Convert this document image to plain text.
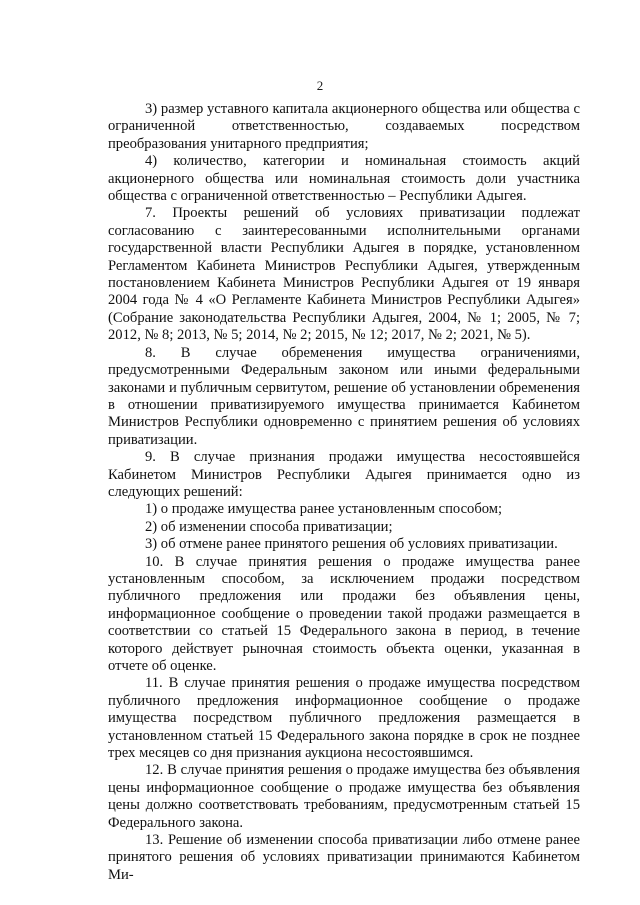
2

3) размер уставного капитала акционерного общества или общества с ограниченной ответственностью, создаваемых посредством преобразования унитарного предприятия;

4) количество, категории и номинальная стоимость акций акционерного общества или номинальная стоимость доли участника общества с ограниченной ответственностью – Республики Адыгея.

7. Проекты решений об условиях приватизации подлежат согласованию с заинтересованными исполнительными органами государственной власти Республики Адыгея в порядке, установленном Регламентом Кабинета Министров Республики Адыгея, утвержденным постановлением Кабинета Министров Республики Адыгея от 19 января 2004 года № 4 «О Регламенте Кабинета Министров Республики Адыгея» (Собрание законодательства Республики Адыгея, 2004, № 1; 2005, № 7; 2012, № 8; 2013, № 5; 2014, № 2; 2015, № 12; 2017, № 2; 2021, № 5).

8. В случае обременения имущества ограничениями, предусмотренными Федеральным законом или иными федеральными законами и публичным сервитутом, решение об установлении обременения в отношении приватизируемого имущества принимается Кабинетом Министров Республики одновременно с принятием решения об условиях приватизации.

9. В случае признания продажи имущества несостоявшейся Кабинетом Министров Республики Адыгея принимается одно из следующих решений:

1) о продаже имущества ранее установленным способом;

2) об изменении способа приватизации;

3) об отмене ранее принятого решения об условиях приватизации.

10. В случае принятия решения о продаже имущества ранее установленным способом, за исключением продажи посредством публичного предложения или продажи без объявления цены, информационное сообщение о проведении такой продажи размещается в соответствии со статьей 15 Федерального закона в период, в течение которого действует рыночная стоимость объекта оценки, указанная в отчете об оценке.

11. В случае принятия решения о продаже имущества посредством публичного предложения информационное сообщение о продаже имущества посредством публичного предложения размещается в установленном статьей 15 Федерального закона порядке в срок не позднее трех месяцев со дня признания аукциона несостоявшимся.

12. В случае принятия решения о продаже имущества без объявления цены информационное сообщение о продаже имущества без объявления цены должно соответствовать требованиям, предусмотренным статьей 15 Федерального закона.

13. Решение об изменении способа приватизации либо отмене ранее принятого решения об условиях приватизации принимаются Кабинетом Ми-
